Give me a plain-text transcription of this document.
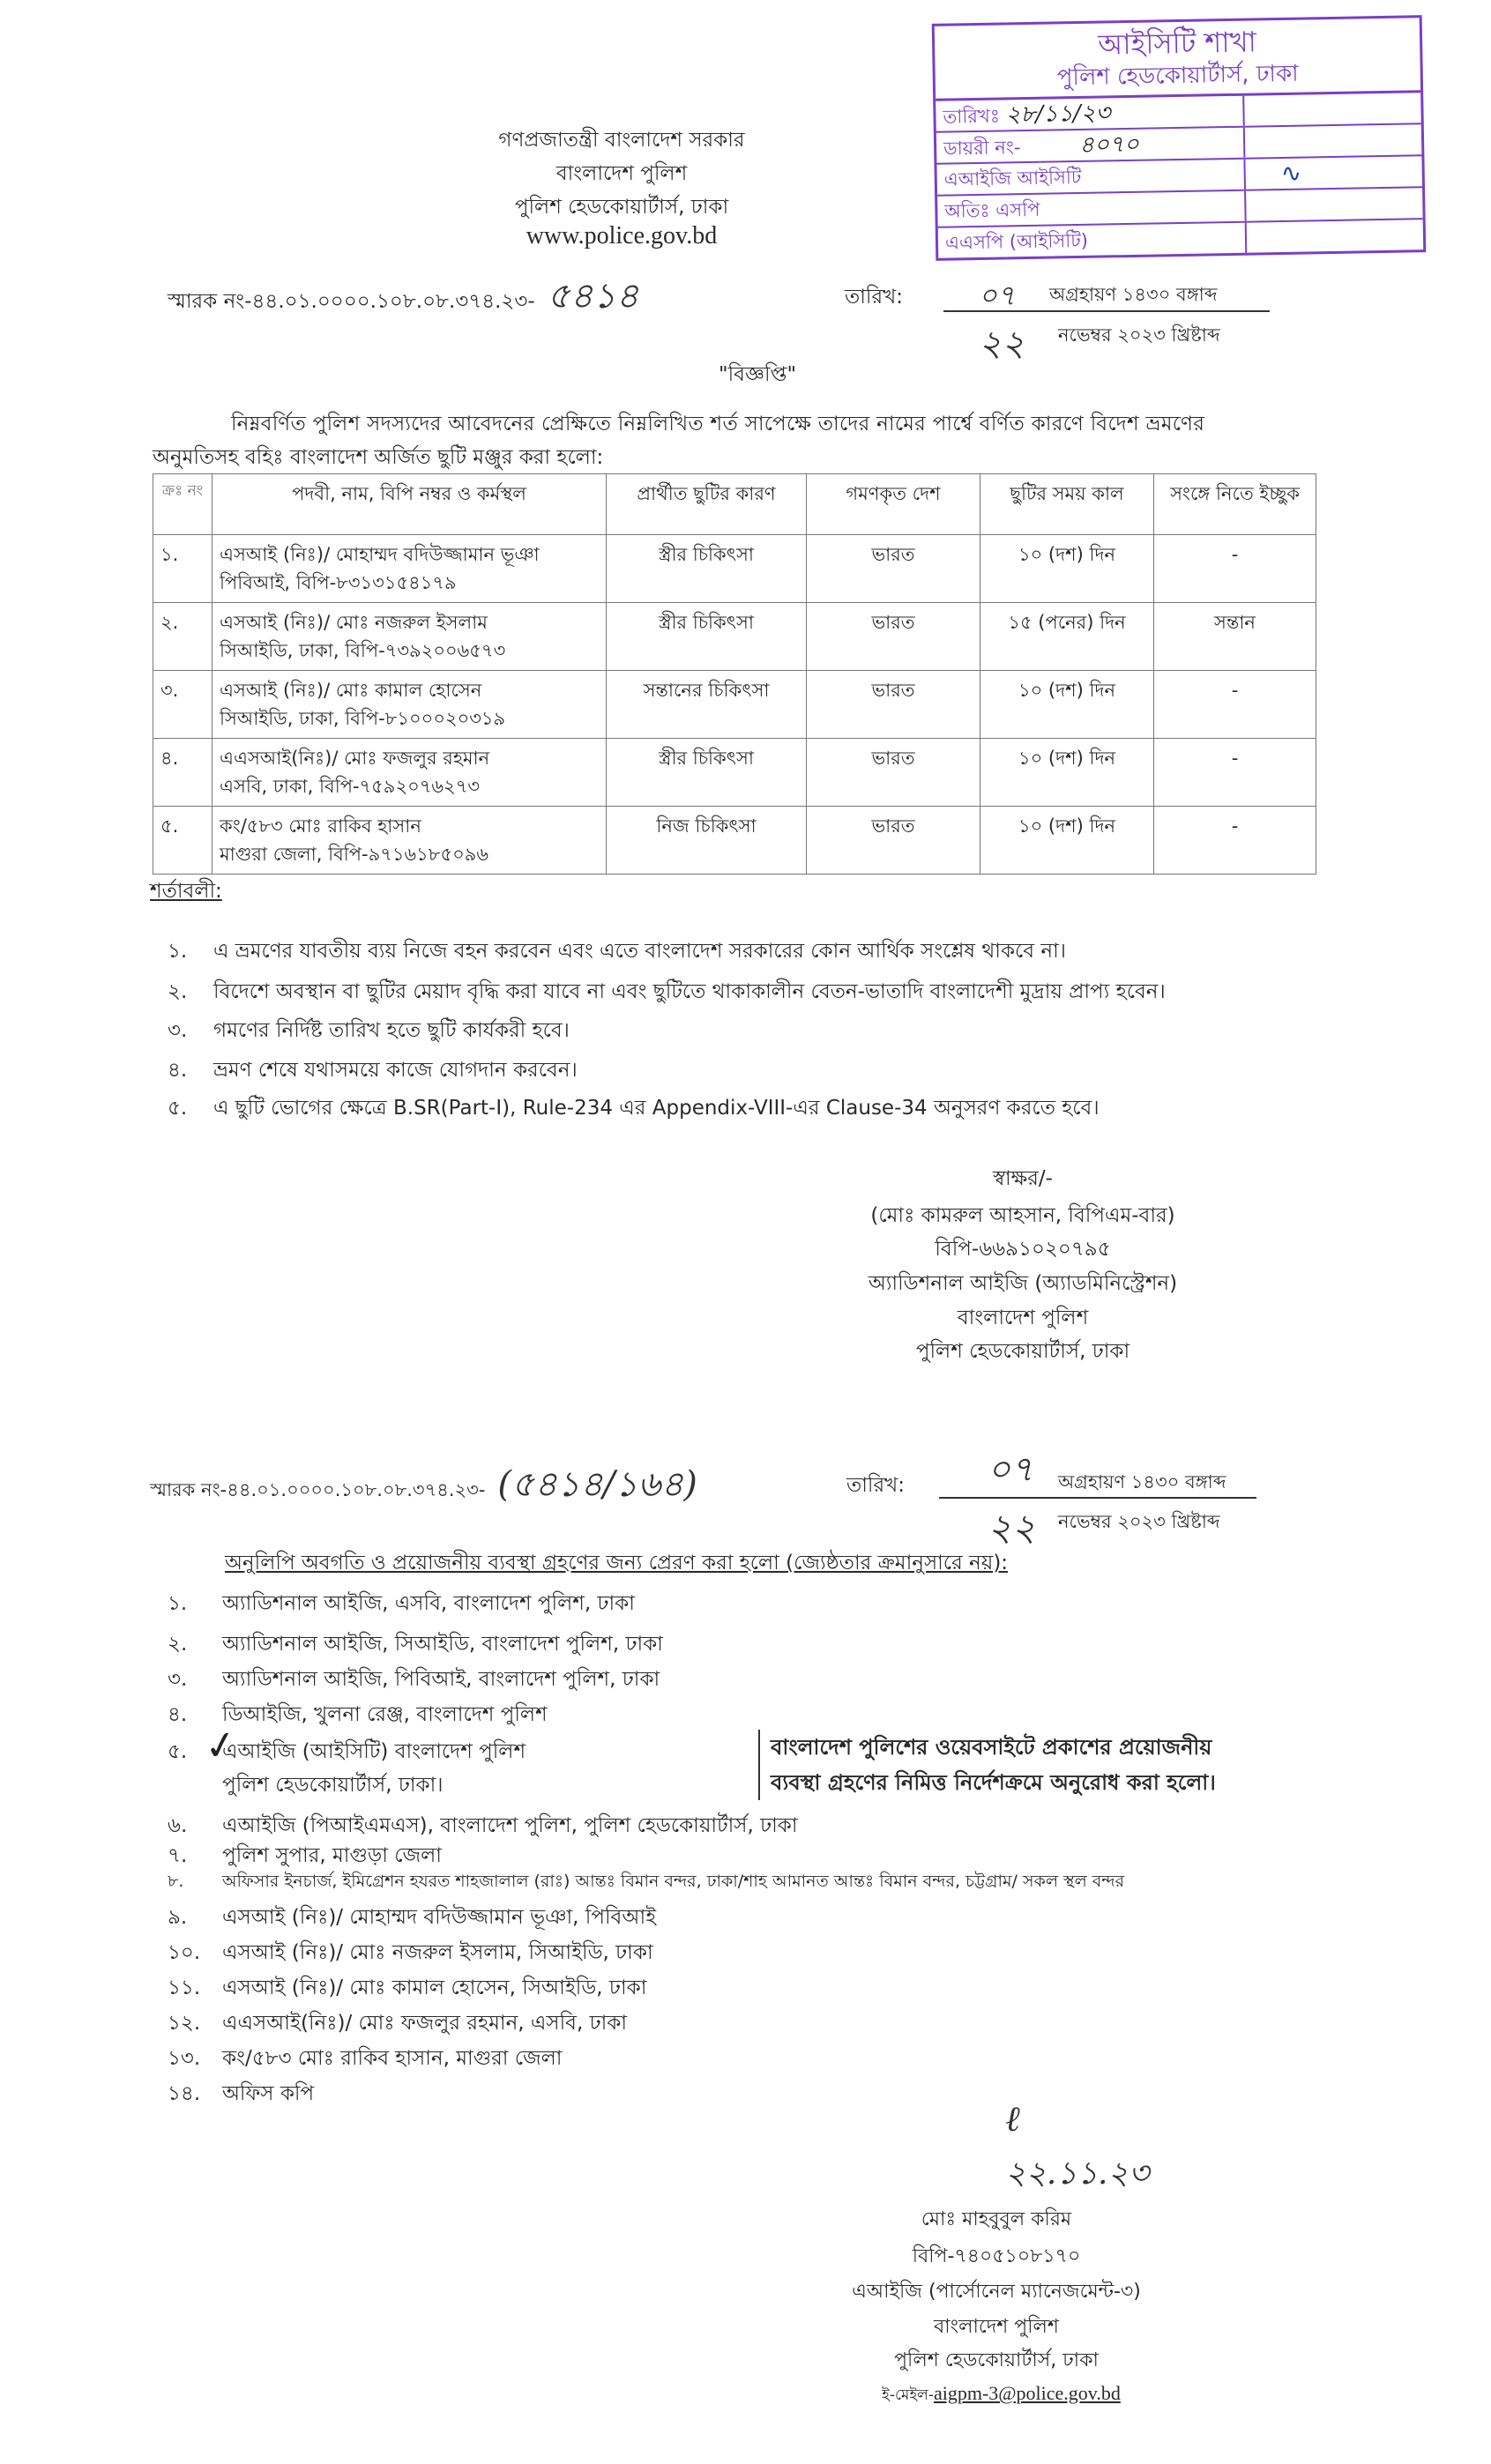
গণপ্রজাতন্ত্রী বাংলাদেশ সরকার
বাংলাদেশ পুলিশ
পুলিশ হেডকোয়ার্টার্স, ঢাকা
www.police.gov.bd
আইসিটি শাখা
পুলিশ হেডকোয়ার্টার্স, ঢাকা
তারিখঃ ২৮/১১/২৩
ডায়রী নং-	৪০৭০
এআইজি আইসিটি	∿
অতিঃ এসপি
এএসপি (আইসিটি)
স্মারক নং-৪৪.০১.০০০০.১০৮.০৮.৩৭৪.২৩- ৫৪১৪	তারিখ:	০৭ অগ্রহায়ণ ১৪৩০ বঙ্গাব্দ
২২ নভেম্বর ২০২৩ খ্রিষ্টাব্দ
"বিজ্ঞপ্তি"
নিম্নবর্ণিত পুলিশ সদস্যদের আবেদনের প্রেক্ষিতে নিম্নলিখিত শর্ত সাপেক্ষে তাদের নামের পার্শ্বে বর্ণিত কারণে বিদেশ ভ্রমণের
অনুমতিসহ বহিঃ বাংলাদেশ অর্জিত ছুটি মঞ্জুর করা হলো:
ক্রঃ নং	পদবী, নাম, বিপি নম্বর ও কর্মস্থল	প্রার্থীত ছুটির কারণ	গমণকৃত দেশ	ছুটির সময় কাল	সংঙ্গে নিতে ইচ্ছুক
১.	এসআই (নিঃ)/ মোহাম্মদ বদিউজ্জামান ভূঞা
পিবিআই, বিপি-৮৩১৩১৫৪১৭৯	স্ত্রীর চিকিৎসা	ভারত	১০ (দশ) দিন	-
২.	এসআই (নিঃ)/ মোঃ নজরুল ইসলাম
সিআইডি, ঢাকা, বিপি-৭৩৯২০০৬৫৭৩	স্ত্রীর চিকিৎসা	ভারত	১৫ (পনের) দিন	সন্তান
৩.	এসআই (নিঃ)/ মোঃ কামাল হোসেন
সিআইডি, ঢাকা, বিপি-৮১০০০২০৩১৯	সন্তানের চিকিৎসা	ভারত	১০ (দশ) দিন	-
৪.	এএসআই(নিঃ)/ মোঃ ফজলুর রহমান
এসবি, ঢাকা, বিপি-৭৫৯২০৭৬২৭৩	স্ত্রীর চিকিৎসা	ভারত	১০ (দশ) দিন	-
৫.	কং/৫৮৩ মোঃ রাকিব হাসান
মাগুরা জেলা, বিপি-৯৭১৬১৮৫০৯৬	নিজ চিকিৎসা	ভারত	১০ (দশ) দিন	-
শর্তাবলী:
১. এ ভ্রমণের যাবতীয় ব্যয় নিজে বহন করবেন এবং এতে বাংলাদেশ সরকারের কোন আর্থিক সংশ্লেষ থাকবে না।
২. বিদেশে অবস্থান বা ছুটির মেয়াদ বৃদ্ধি করা যাবে না এবং ছুটিতে থাকাকালীন বেতন-ভাতাদি বাংলাদেশী মুদ্রায় প্রাপ্য হবেন।
৩. গমণের নির্দিষ্ট তারিখ হতে ছুটি কার্যকরী হবে।
৪. ভ্রমণ শেষে যথাসময়ে কাজে যোগদান করবেন।
৫. এ ছুটি ভোগের ক্ষেত্রে B.SR(Part-I), Rule-234 এর Appendix-VIII-এর Clause-34 অনুসরণ করতে হবে।
স্বাক্ষর/-
(মোঃ কামরুল আহসান, বিপিএম-বার)
বিপি-৬৬৯১০২০৭৯৫
অ্যাডিশনাল আইজি (অ্যাডমিনিস্ট্রেশন)
বাংলাদেশ পুলিশ
পুলিশ হেডকোয়ার্টার্স, ঢাকা
স্মারক নং-৪৪.০১.০০০০.১০৮.০৮.৩৭৪.২৩- (৫৪১৪/১৬৪)	তারিখ: ০৭ অগ্রহায়ণ ১৪৩০ বঙ্গাব্দ
২২ নভেম্বর ২০২৩ খ্রিষ্টাব্দ
অনুলিপি অবগতি ও প্রয়োজনীয় ব্যবস্থা গ্রহণের জন্য প্রেরণ করা হলো (জ্যেষ্ঠতার ক্রমানুসারে নয়):
১. অ্যাডিশনাল আইজি, এসবি, বাংলাদেশ পুলিশ, ঢাকা
২. অ্যাডিশনাল আইজি, সিআইডি, বাংলাদেশ পুলিশ, ঢাকা
৩. অ্যাডিশনাল আইজি, পিবিআই, বাংলাদেশ পুলিশ, ঢাকা
৪. ডিআইজি, খুলনা রেঞ্জ, বাংলাদেশ পুলিশ
৫. এআইজি (আইসিটি) বাংলাদেশ পুলিশ
পুলিশ হেডকোয়ার্টার্স, ঢাকা।
৬. এআইজি (পিআইএমএস), বাংলাদেশ পুলিশ, পুলিশ হেডকোয়ার্টার্স, ঢাকা
৭. পুলিশ সুপার, মাগুড়া জেলা
৮. অফিসার ইনচার্জ, ইমিগ্রেশন হযরত শাহজালাল (রাঃ) আন্তঃ বিমান বন্দর, ঢাকা/শাহ আমানত আন্তঃ বিমান বন্দর, চট্টগ্রাম/ সকল স্থল বন্দর
৯. এসআই (নিঃ)/ মোহাম্মদ বদিউজ্জামান ভূঞা, পিবিআই
১০. এসআই (নিঃ)/ মোঃ নজরুল ইসলাম, সিআইডি, ঢাকা
১১. এসআই (নিঃ)/ মোঃ কামাল হোসেন, সিআইডি, ঢাকা
১২. এএসআই(নিঃ)/ মোঃ ফজলুর রহমান, এসবি, ঢাকা
১৩. কং/৫৮৩ মোঃ রাকিব হাসান, মাগুরা জেলা
১৪. অফিস কপি
✓	বাংলাদেশ পুলিশের ওয়েবসাইটে প্রকাশের প্রয়োজনীয়
ব্যবস্থা গ্রহণের নিমিত্ত নির্দেশক্রমে অনুরোধ করা হলো।
ℓ
২২.১১.২৩
মোঃ মাহবুবুল করিম
বিপি-৭৪০৫১০৮১৭০
এআইজি (পার্সোনেল ম্যানেজমেন্ট-৩)
বাংলাদেশ পুলিশ
পুলিশ হেডকোয়ার্টার্স, ঢাকা
ই-মেইল-aigpm-3@police.gov.bd
